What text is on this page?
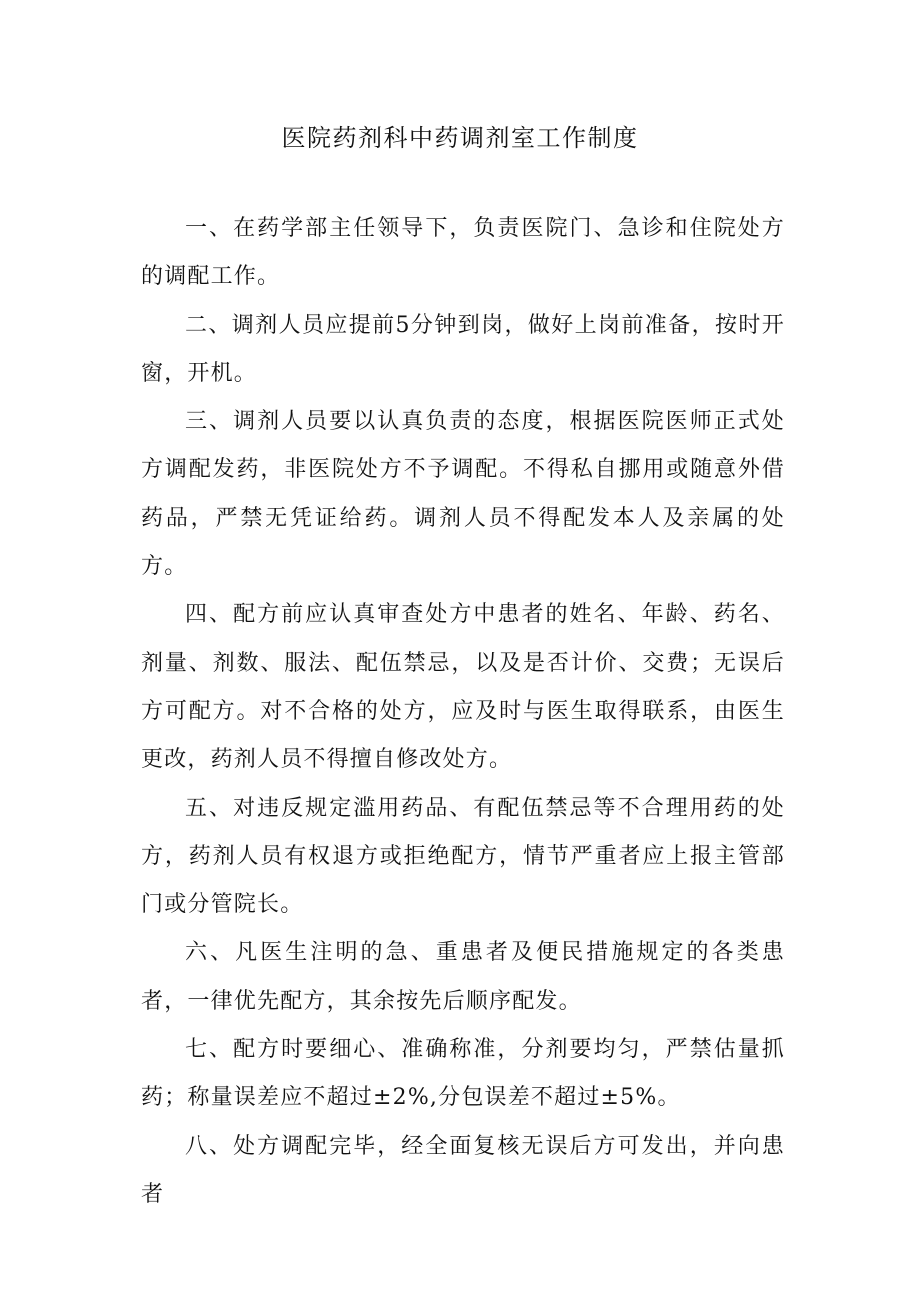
医院药剂科中药调剂室工作制度

一、在药学部主任领导下，负责医院门、急诊和住院处方的调配工作。

二、调剂人员应提前5分钟到岗，做好上岗前准备，按时开窗，开机。

三、调剂人员要以认真负责的态度，根据医院医师正式处方调配发药，非医院处方不予调配。不得私自挪用或随意外借药品，严禁无凭证给药。调剂人员不得配发本人及亲属的处方。

四、配方前应认真审查处方中患者的姓名、年龄、药名、剂量、剂数、服法、配伍禁忌，以及是否计价、交费；无误后方可配方。对不合格的处方，应及时与医生取得联系，由医生更改，药剂人员不得擅自修改处方。

五、对违反规定滥用药品、有配伍禁忌等不合理用药的处方，药剂人员有权退方或拒绝配方，情节严重者应上报主管部门或分管院长。

六、凡医生注明的急、重患者及便民措施规定的各类患者，一律优先配方，其余按先后顺序配发。

七、配方时要细心、准确称准，分剂要均匀，严禁估量抓药；称量误差应不超过±2%,分包误差不超过±5%。

八、处方调配完毕，经全面复核无误后方可发出，并向患者
